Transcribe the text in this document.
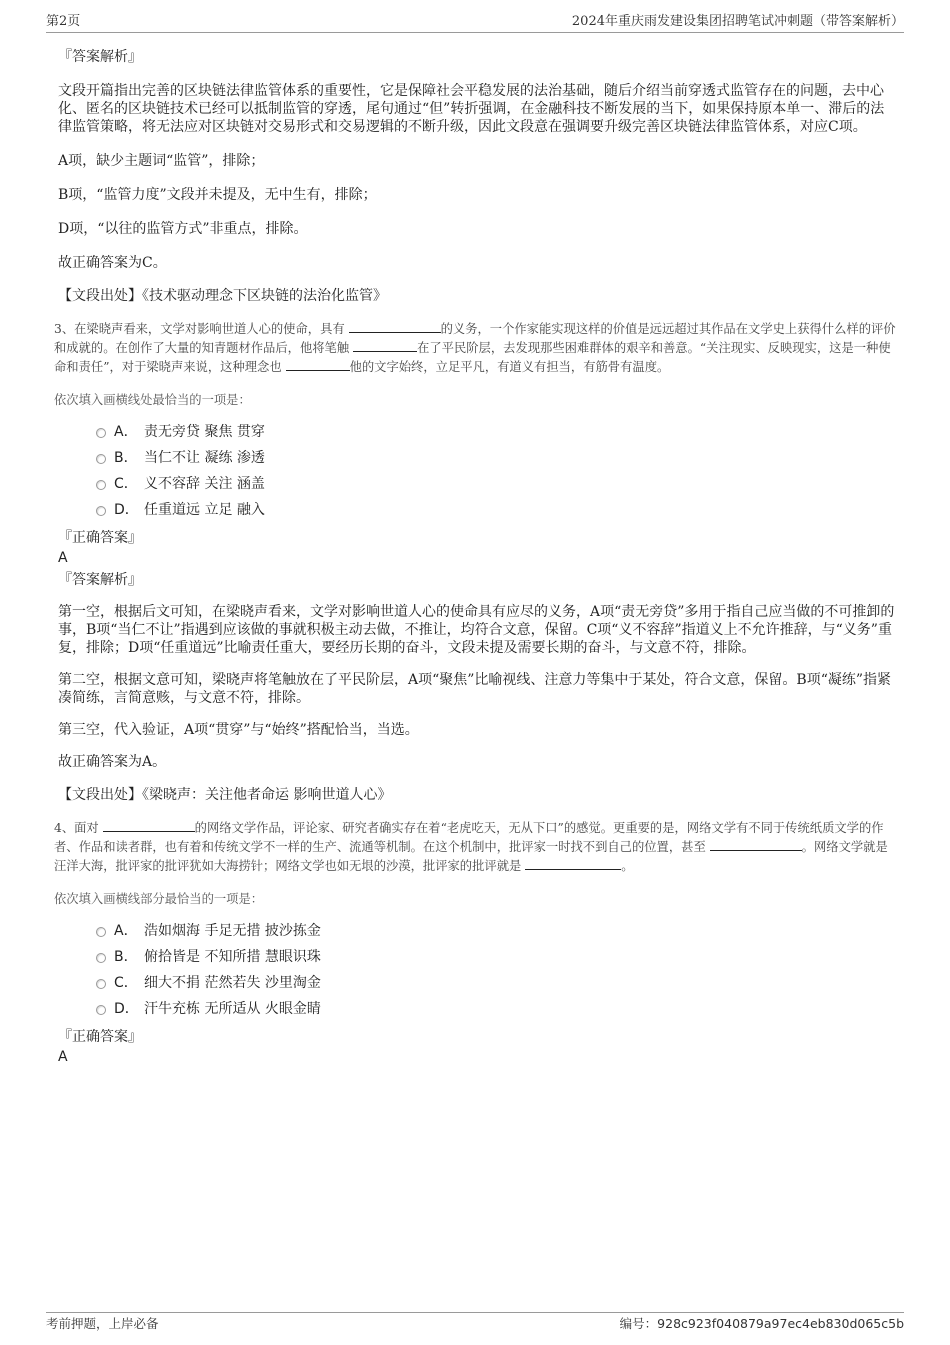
第2页	2024年重庆雨发建设集团招聘笔试冲刺题（带答案解析）

『答案解析』

文段开篇指出完善的区块链法律监管体系的重要性，它是保障社会平稳发展的法治基础，随后介绍当前穿透式监管存在的问题，去中心化、匿名的区块链技术已经可以抵制监管的穿透，尾句通过“但”转折强调，在金融科技不断发展的当下，如果保持原本单一、滞后的法律监管策略，将无法应对区块链对交易形式和交易逻辑的不断升级，因此文段意在强调要升级完善区块链法律监管体系，对应C项。

A项，缺少主题词“监管”，排除；

B项，“监管力度”文段并未提及，无中生有，排除；

D项，“以往的监管方式”非重点，排除。

故正确答案为C。

【文段出处】《技术驱动理念下区块链的法治化监管》

3、在梁晓声看来，文学对影响世道人心的使命，具有	的义务，一个作家能实现这样的价值是远远超过其作品在文学史上获得什么样的评价和成就的。在创作了大量的知青题材作品后，他将笔触	在了平民阶层，去发现那些困难群体的艰辛和善意。“关注现实、反映现实，这是一种使命和责任”，对于梁晓声来说，这种理念也	他的文字始终，立足平凡，有道义有担当，有筋骨有温度。

依次填入画横线处最恰当的一项是：

A． 责无旁贷 聚焦 贯穿
B． 当仁不让 凝练 渗透
C． 义不容辞 关注 涵盖
D． 任重道远 立足 融入

『正确答案』

A

『答案解析』

第一空，根据后文可知，在梁晓声看来，文学对影响世道人心的使命具有应尽的义务，A项“责无旁贷”多用于指自己应当做的不可推卸的事，B项“当仁不让”指遇到应该做的事就积极主动去做，不推让，均符合文意，保留。C项“义不容辞”指道义上不允许推辞，与“义务”重复，排除；D项“任重道远”比喻责任重大，要经历长期的奋斗，文段未提及需要长期的奋斗，与文意不符，排除。

第二空，根据文意可知，梁晓声将笔触放在了平民阶层，A项“聚焦”比喻视线、注意力等集中于某处，符合文意，保留。B项“凝练”指紧凑简练，言简意赅，与文意不符，排除。

第三空，代入验证，A项“贯穿”与“始终”搭配恰当，当选。

故正确答案为A。

【文段出处】《梁晓声：关注他者命运 影响世道人心》

4、面对	的网络文学作品，评论家、研究者确实存在着“老虎吃天，无从下口”的感觉。更重要的是，网络文学有不同于传统纸质文学的作者、作品和读者群，也有着和传统文学不一样的生产、流通等机制。在这个机制中，批评家一时找不到自己的位置，甚至	。网络文学就是汪洋大海，批评家的批评犹如大海捞针；网络文学也如无垠的沙漠，批评家的批评就是	。

依次填入画横线部分最恰当的一项是：

A． 浩如烟海 手足无措 披沙拣金
B． 俯拾皆是 不知所措 慧眼识珠
C． 细大不捐 茫然若失 沙里淘金
D． 汗牛充栋 无所适从 火眼金睛

『正确答案』

A

考前押题，上岸必备	编号：928c923f040879a97ec4eb830d065c5b
